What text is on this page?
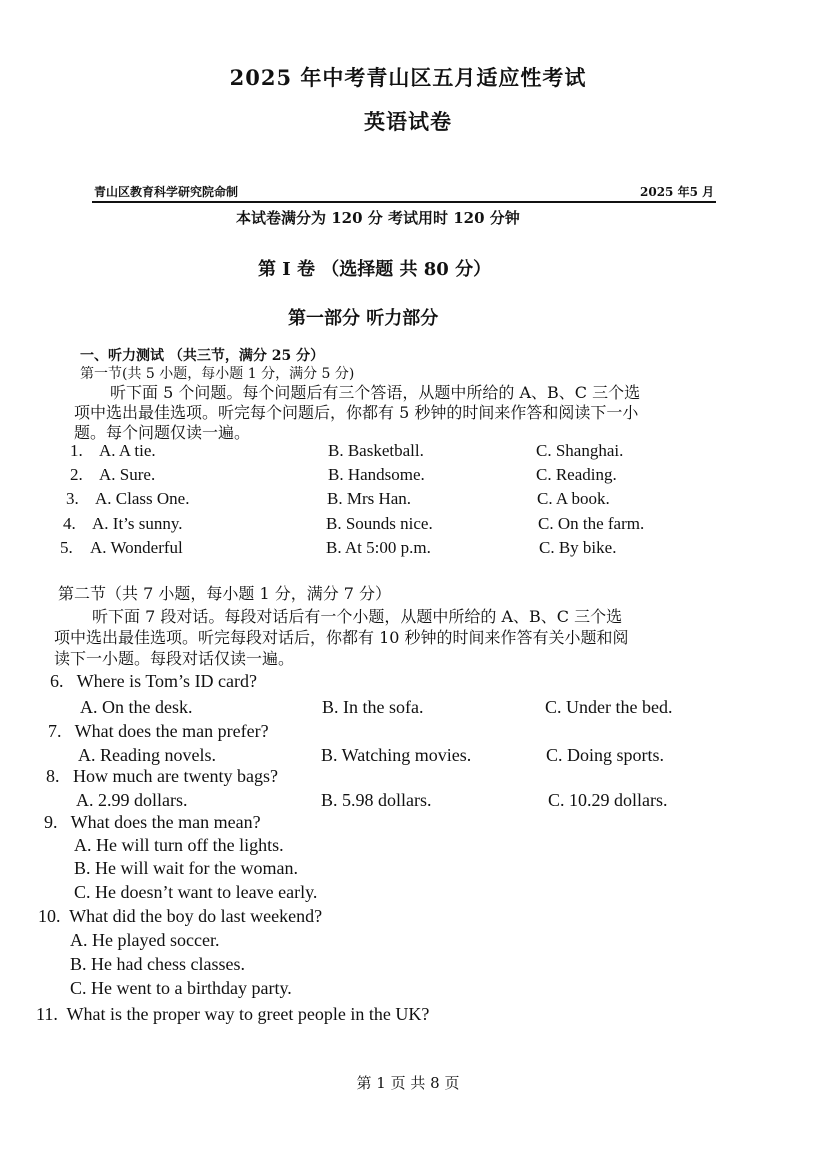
2025 年中考青山区五月适应性考试
英语试卷
青山区教育科学研究院命制	2025 年5 月
本试卷满分为 120 分 考试用时 120 分钟
第 I 卷 （选择题 共 80 分）
第一部分 听力部分
一、听力测试 （共三节，满分 25 分）
第一节(共 5 小题，每小题 1 分，满分 5 分)
听下面 5 个问题。每个问题后有三个答语，从题中所给的 A、B、C 三个选
项中选出最佳选项。听完每个问题后，你都有 5 秒钟的时间来作答和阅读下一小
题。每个问题仅读一遍。
1. A. A tie.	B. Basketball.	C. Shanghai.
2. A. Sure.	B. Handsome.	C. Reading.
3. A. Class One.	B. Mrs Han.	C. A book.
4. A. It’s sunny.	B. Sounds nice.	C. On the farm.
5. A. Wonderful	B. At 5:00 p.m.	C. By bike.
第二节（共 7 小题，每小题 1 分，满分 7 分）
听下面 7 段对话。每段对话后有一个小题，从题中所给的 A、B、C 三个选
项中选出最佳选项。听完每段对话后，你都有 10 秒钟的时间来作答有关小题和阅
读下一小题。每段对话仅读一遍。
6.   Where is Tom’s ID card?
A. On the desk.	B. In the sofa.	C. Under the bed.
7.   What does the man prefer?
A. Reading novels.	B. Watching movies.	C. Doing sports.
8.   How much are twenty bags?
A. 2.99 dollars.	B. 5.98 dollars.	C. 10.29 dollars.
9.   What does the man mean?
A. He will turn off the lights.
B. He will wait for the woman.
C. He doesn’t want to leave early.
10.  What did the boy do last weekend?
A. He played soccer.
B. He had chess classes.
C. He went to a birthday party.
11.  What is the proper way to greet people in the UK?
第 1 页 共 8 页
